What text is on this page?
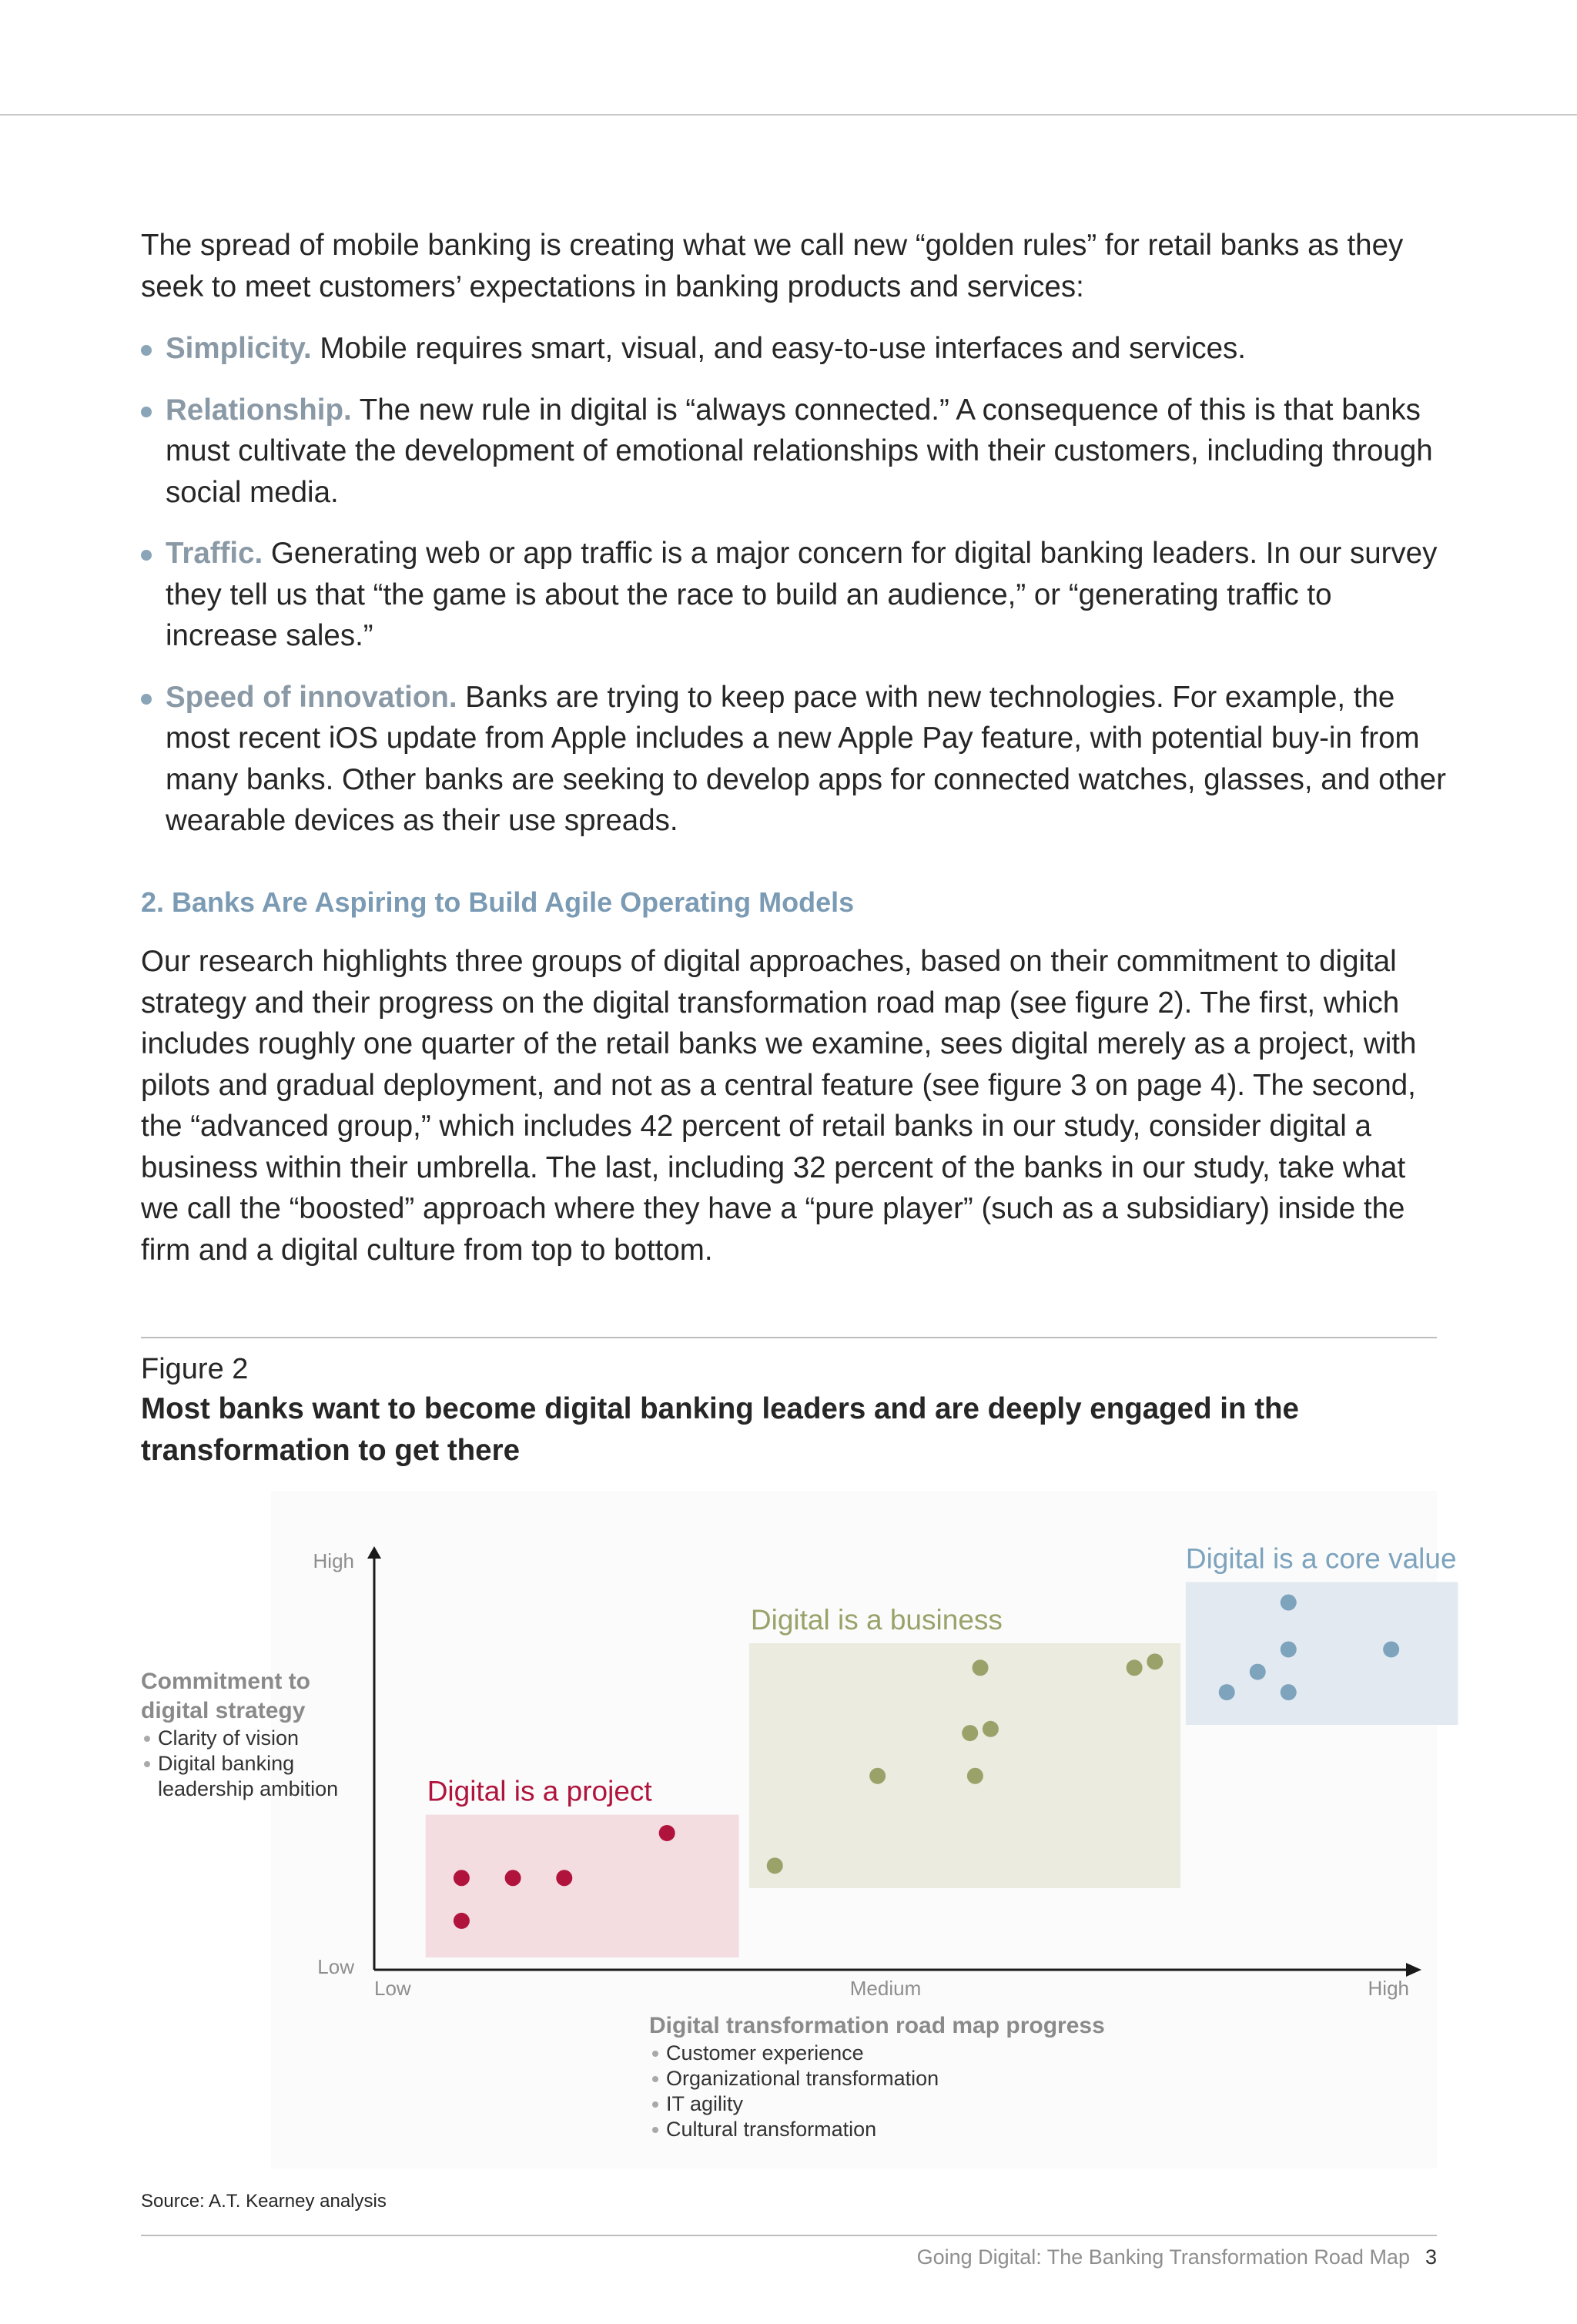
The spread of mobile banking is creating what we call new “golden rules” for retail banks as they seek to meet customers’ expectations in banking products and services:
Simplicity. Mobile requires smart, visual, and easy-to-use interfaces and services.
Relationship. The new rule in digital is “always connected.” A consequence of this is that banks must cultivate the development of emotional relationships with their customers, including through social media.
Traffic. Generating web or app traffic is a major concern for digital banking leaders. In our survey they tell us that “the game is about the race to build an audience,” or “generating traffic to increase sales.”
Speed of innovation. Banks are trying to keep pace with new technologies. For example, the most recent iOS update from Apple includes a new Apple Pay feature, with potential buy-in from many banks. Other banks are seeking to develop apps for connected watches, glasses, and other wearable devices as their use spreads.
2. Banks Are Aspiring to Build Agile Operating Models
Our research highlights three groups of digital approaches, based on their commitment to digital strategy and their progress on the digital transformation road map (see figure 2). The first, which includes roughly one quarter of the retail banks we examine, sees digital merely as a project, with pilots and gradual deployment, and not as a central feature (see figure 3 on page 4). The second, the “advanced group,” which includes 42 percent of retail banks in our study, consider digital a business within their umbrella. The last, including 32 percent of the banks in our study, take what we call the “boosted” approach where they have a “pure player” (such as a subsidiary) inside the firm and a digital culture from top to bottom.
Figure 2
Most banks want to become digital banking leaders and are deeply engaged in the transformation to get there
Digital is a project
Digital is a business
Digital is a core value
High
Low
Low	Medium	High
Commitment to digital strategy
Clarity of vision
Digital banking leadership ambition
Digital transformation road map progress
Customer experience
Organizational transformation
IT agility
Cultural transformation
Source: A.T. Kearney analysis
Going Digital: The Banking Transformation Road Map 3
